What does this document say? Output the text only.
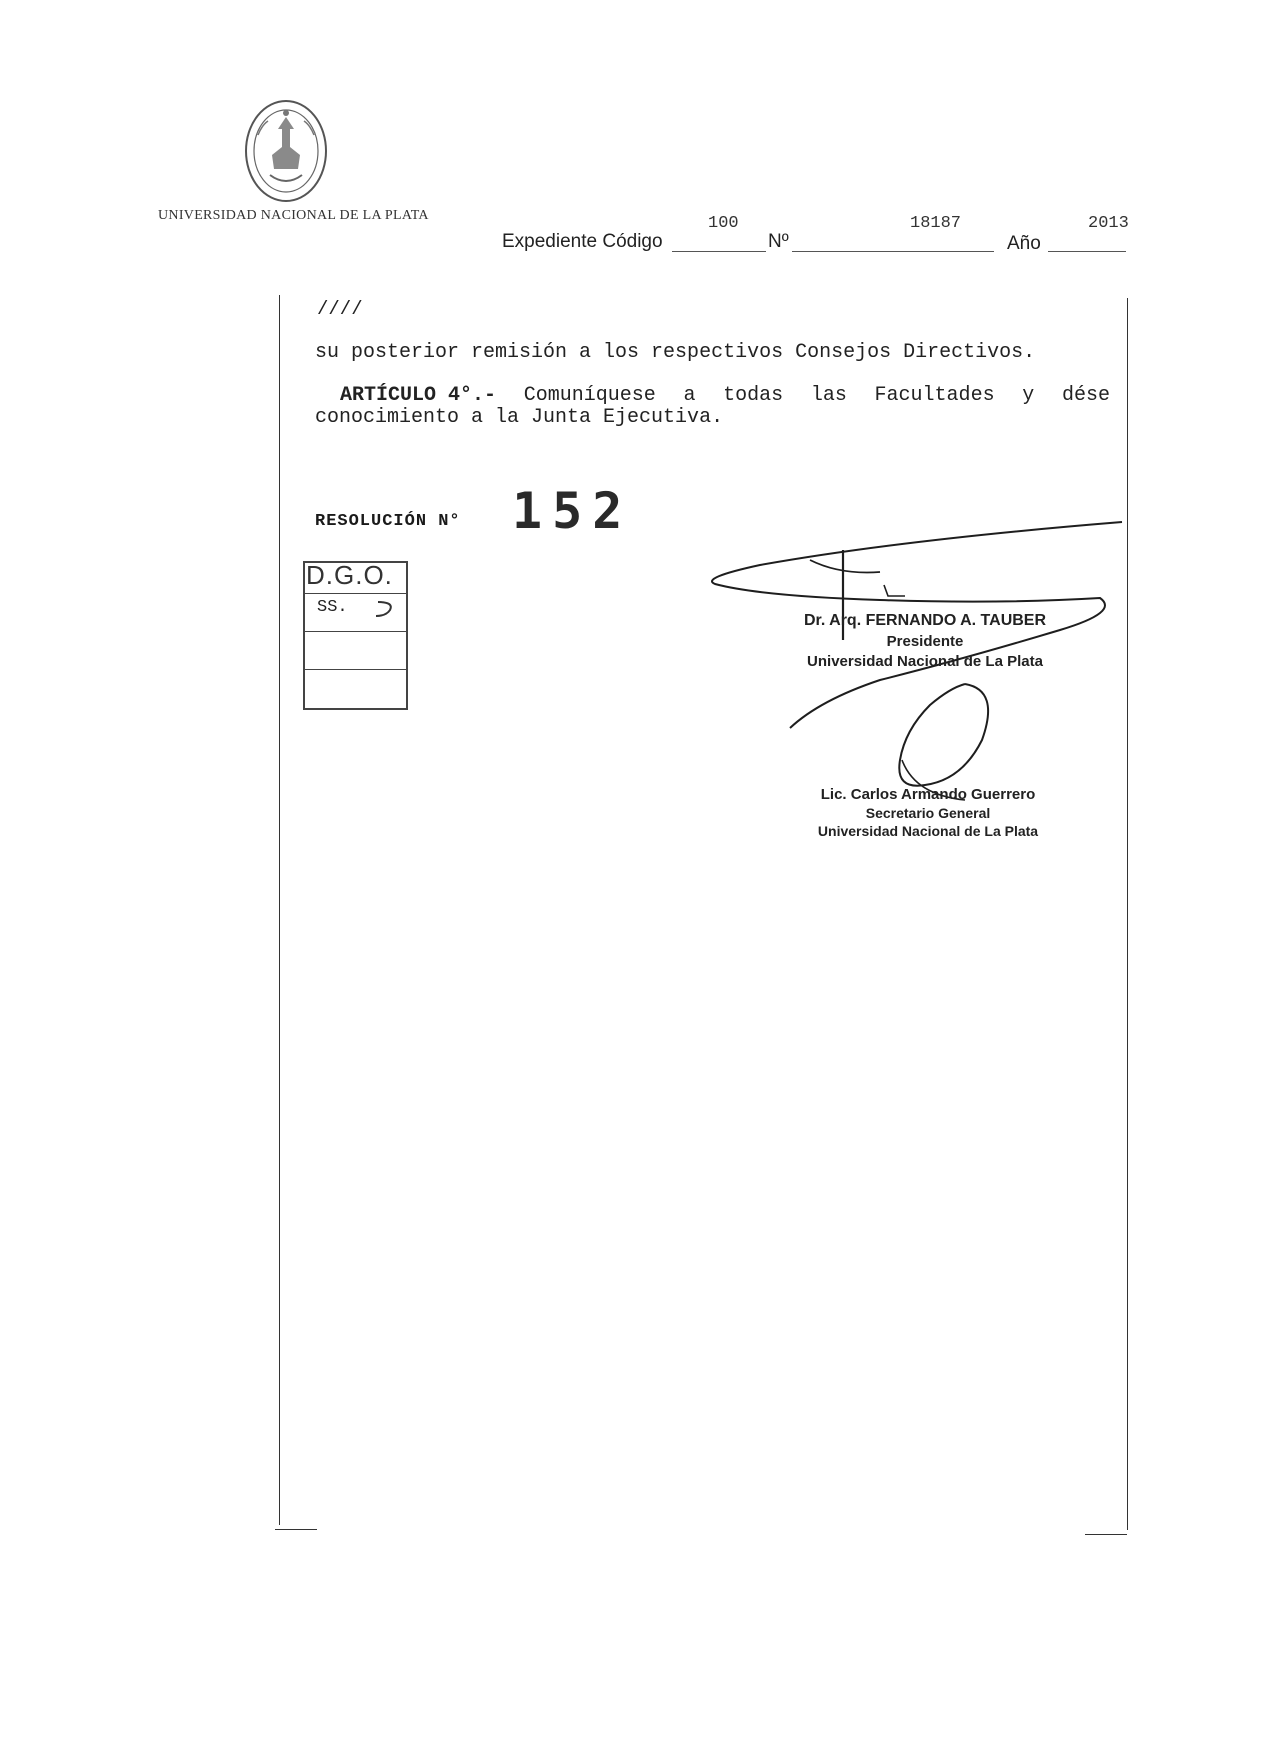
UNIVERSIDAD NACIONAL DE LA PLATA
Expediente Código
100
Nº
18187
Año
2013
////
su posterior remisión a los respectivos Consejos Directivos.
ARTÍCULO 4°.- Comuníquese a todas las Facultades y dése
conocimiento a la Junta Ejecutiva.
RESOLUCIÓN N° 152
D.G.O.
SS.
Dr. Arq. FERNANDO A. TAUBER
Presidente
Universidad Nacional de La Plata
Lic. Carlos Armando Guerrero
Secretario General
Universidad Nacional de La Plata
